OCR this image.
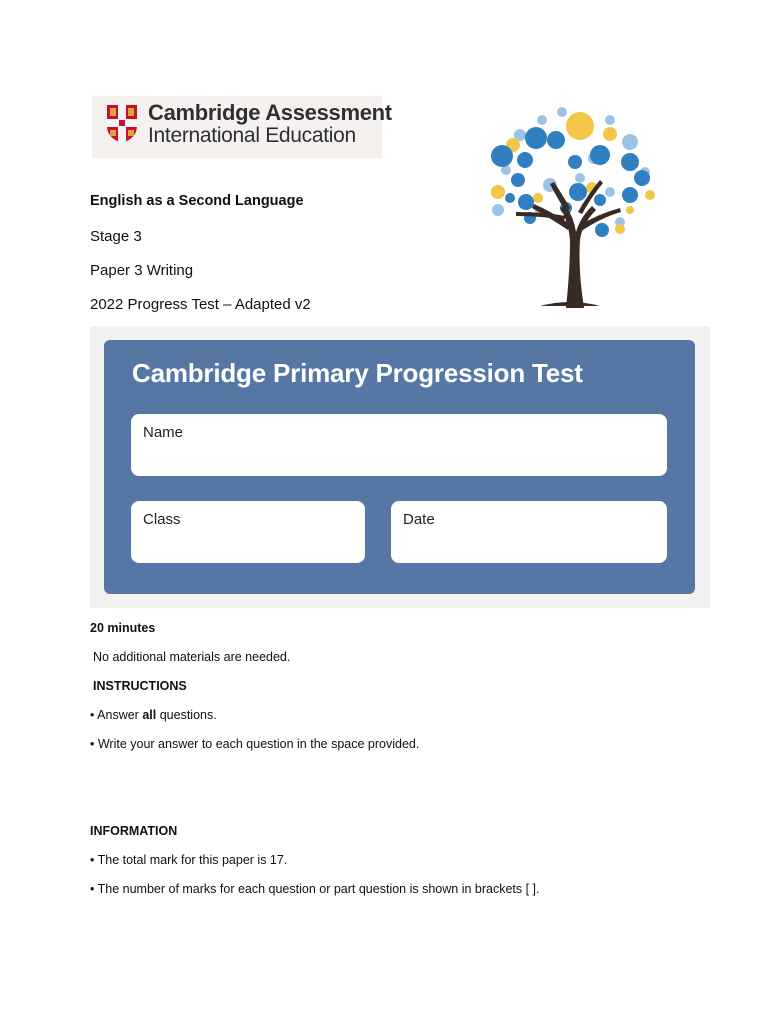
Cambridge Assessment
International Education
English as a Second Language
Stage 3
Paper 3 Writing
2022 Progress Test – Adapted v2
Cambridge Primary Progression Test
Name
Class	Date
20 minutes
No additional materials are needed.
INSTRUCTIONS
• Answer all questions.
• Write your answer to each question in the space provided.
INFORMATION
• The total mark for this paper is 17.
• The number of marks for each question or part question is shown in brackets [ ].
